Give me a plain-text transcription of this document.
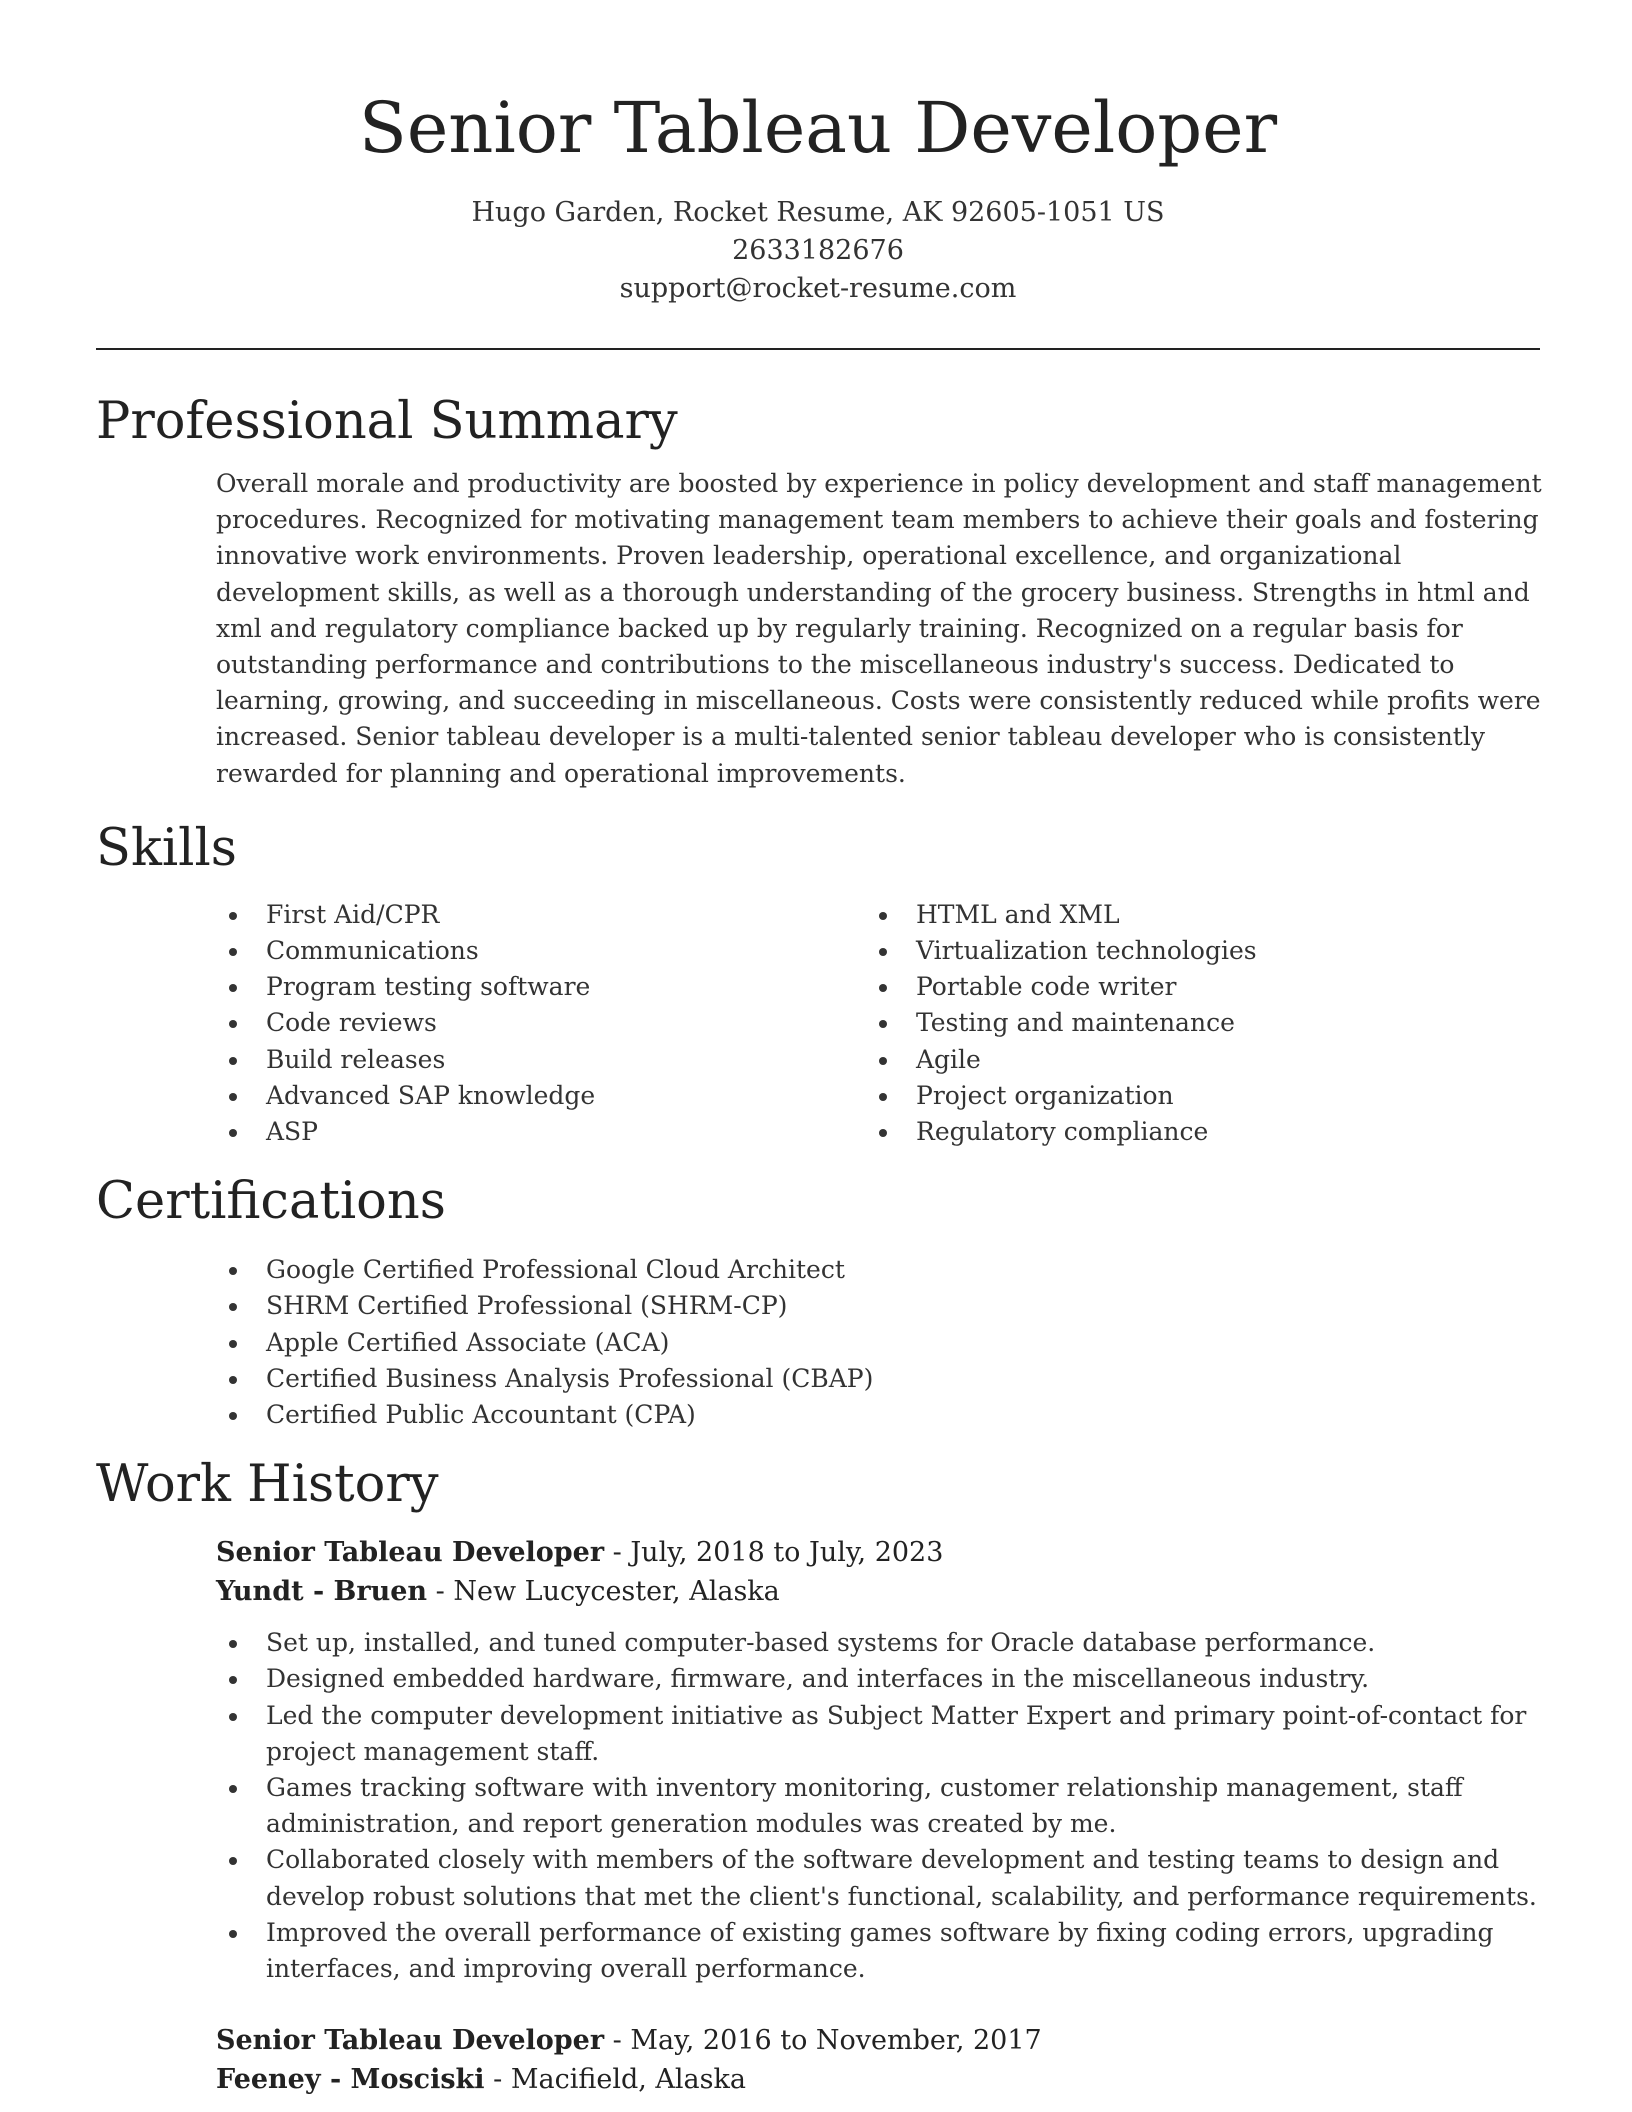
Senior Tableau Developer
Hugo Garden, Rocket Resume, AK 92605-1051 US
2633182676
support@rocket-resume.com
Professional Summary

Overall morale and productivity are boosted by experience in policy development and staff management procedures. Recognized for motivating management team members to achieve their goals and fostering innovative work environments. Proven leadership, operational excellence, and organizational development skills, as well as a thorough understanding of the grocery business. Strengths in html and xml and regulatory compliance backed up by regularly training. Recognized on a regular basis for outstanding performance and contributions to the miscellaneous industry's success. Dedicated to learning, growing, and succeeding in miscellaneous. Costs were consistently reduced while profits were increased. Senior tableau developer is a multi-talented senior tableau developer who is consistently rewarded for planning and operational improvements.

Skills
First Aid/CPR
Communications
Program testing software
Code reviews
Build releases
Advanced SAP knowledge
ASP
HTML and XML
Virtualization technologies
Portable code writer
Testing and maintenance
Agile
Project organization
Regulatory compliance
Certifications
Google Certified Professional Cloud Architect
SHRM Certified Professional (SHRM-CP)
Apple Certified Associate (ACA)
Certified Business Analysis Professional (CBAP)
Certified Public Accountant (CPA)
Work History
Senior Tableau Developer - July, 2018 to July, 2023
Yundt - Bruen - New Lucycester, Alaska
Set up, installed, and tuned computer-based systems for Oracle database performance.
Designed embedded hardware, firmware, and interfaces in the miscellaneous industry.
Led the computer development initiative as Subject Matter Expert and primary point-of-contact for project management staff.
Games tracking software with inventory monitoring, customer relationship management, staff administration, and report generation modules was created by me.
Collaborated closely with members of the software development and testing teams to design and develop robust solutions that met the client's functional, scalability, and performance requirements.
Improved the overall performance of existing games software by fixing coding errors, upgrading interfaces, and improving overall performance.
Senior Tableau Developer - May, 2016 to November, 2017
Feeney - Mosciski - Macifield, Alaska
